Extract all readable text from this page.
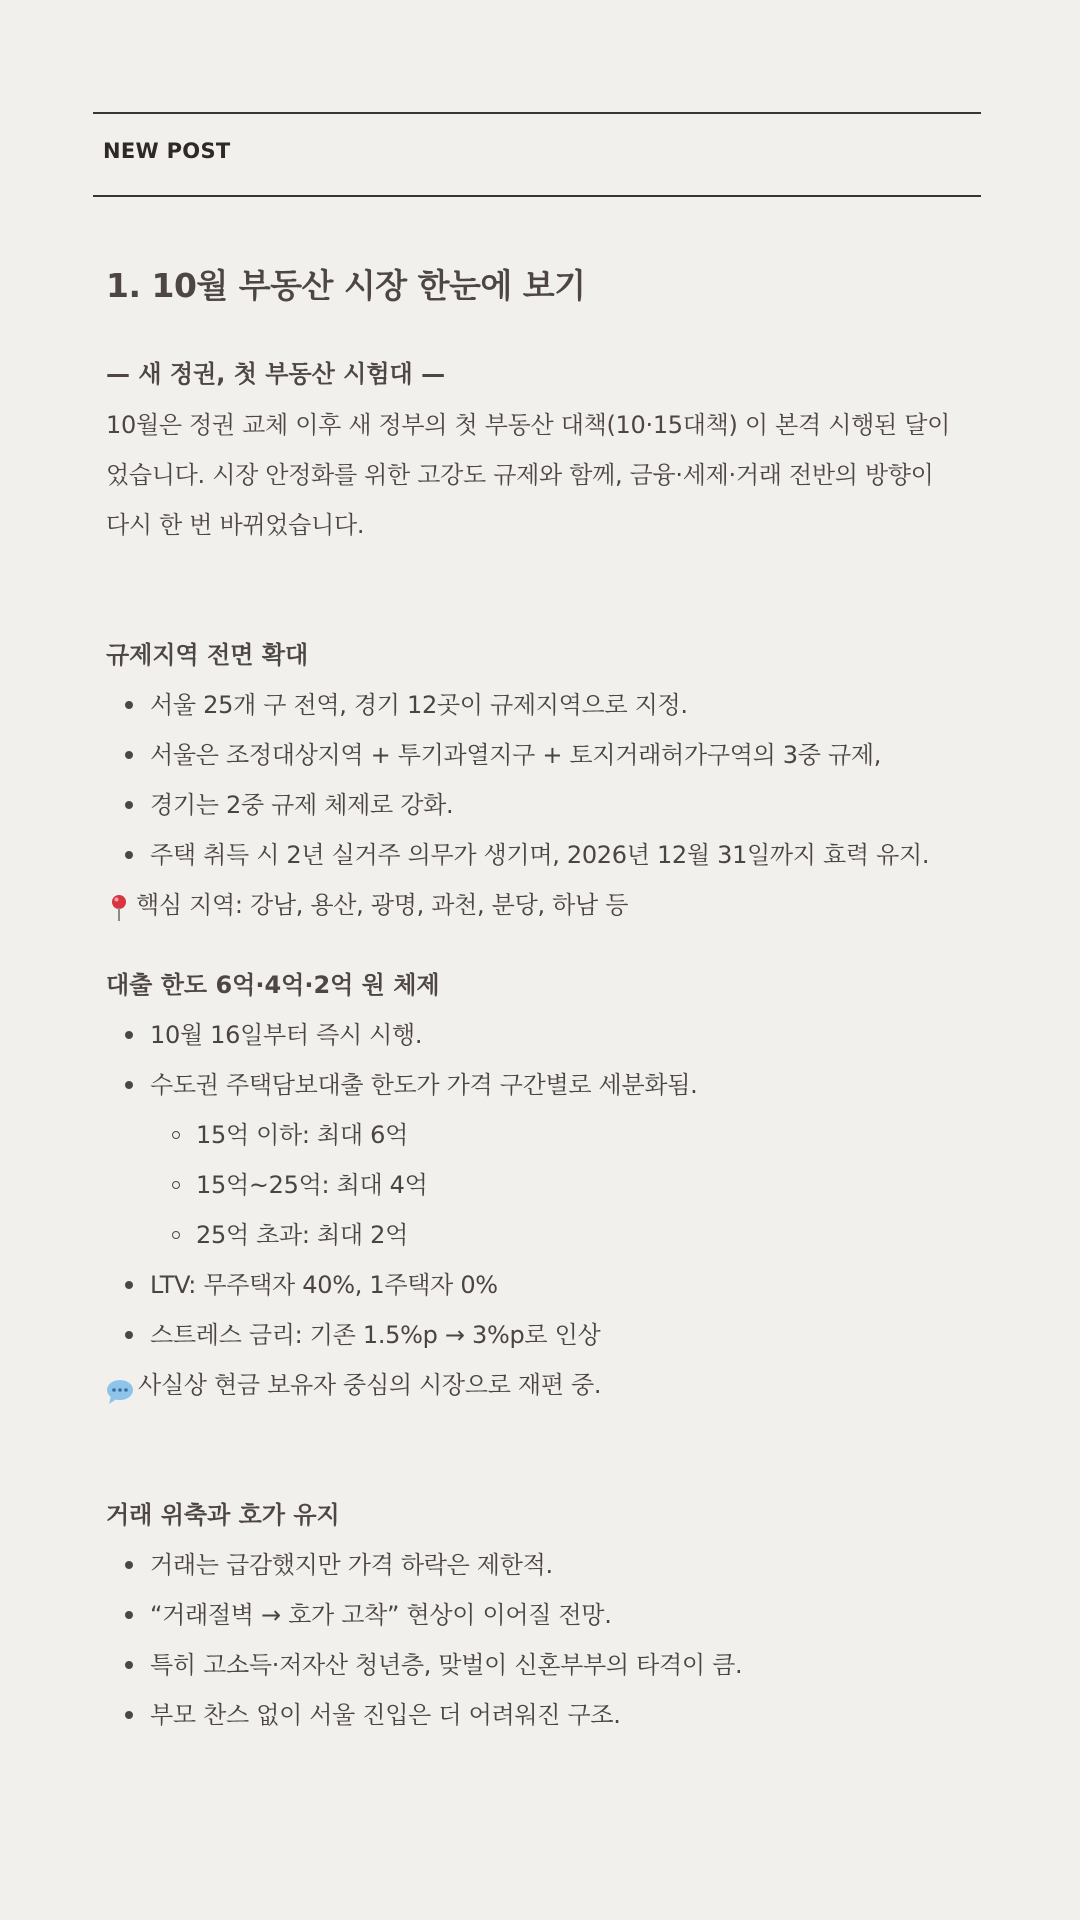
NEW POST
1. 10월 부동산 시장 한눈에 보기
— 새 정권, 첫 부동산 시험대 —
10월은 정권 교체 이후 새 정부의 첫 부동산 대책(10·15대책) 이 본격 시행된 달이
었습니다. 시장 안정화를 위한 고강도 규제와 함께, 금융·세제·거래 전반의 방향이
다시 한 번 바뀌었습니다.
규제지역 전면 확대
서울 25개 구 전역, 경기 12곳이 규제지역으로 지정.
서울은 조정대상지역 + 투기과열지구 + 토지거래허가구역의 3중 규제,
경기는 2중 규제 체제로 강화.
주택 취득 시 2년 실거주 의무가 생기며, 2026년 12월 31일까지 효력 유지.
핵심 지역: 강남, 용산, 광명, 과천, 분당, 하남 등
대출 한도 6억·4억·2억 원 체제
10월 16일부터 즉시 시행.
수도권 주택담보대출 한도가 가격 구간별로 세분화됨.
15억 이하: 최대 6억
15억~25억: 최대 4억
25억 초과: 최대 2억
LTV: 무주택자 40%, 1주택자 0%
스트레스 금리: 기존 1.5%p → 3%p로 인상
사실상 현금 보유자 중심의 시장으로 재편 중.
거래 위축과 호가 유지
거래는 급감했지만 가격 하락은 제한적.
“거래절벽 → 호가 고착” 현상이 이어질 전망.
특히 고소득·저자산 청년층, 맞벌이 신혼부부의 타격이 큼.
부모 찬스 없이 서울 진입은 더 어려워진 구조.
